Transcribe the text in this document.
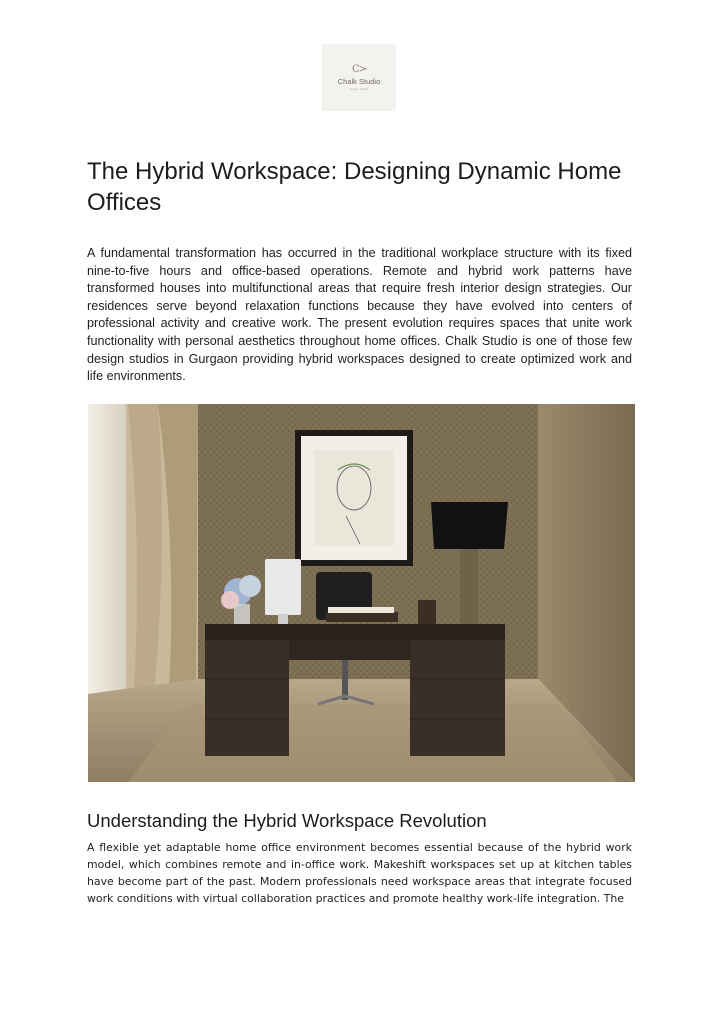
C>
Chalk Studio
design studio
The Hybrid Workspace: Designing Dynamic Home Offices

A fundamental transformation has occurred in the traditional workplace structure with its fixed nine-to-five hours and office-based operations. Remote and hybrid work patterns have transformed houses into multifunctional areas that require fresh interior design strategies. Our residences serve beyond relaxation functions because they have evolved into centers of professional activity and creative work. The present evolution requires spaces that unite work functionality with personal aesthetics throughout home offices. Chalk Studio is one of those few design studios in Gurgaon providing hybrid workspaces designed to create optimized work and life environments.

Understanding the Hybrid Workspace Revolution

A flexible yet adaptable home office environment becomes essential because of the hybrid work model, which combines remote and in-office work. Makeshift workspaces set up at kitchen tables have become part of the past. Modern professionals need workspace areas that integrate focused work conditions with virtual collaboration practices and promote healthy work-life integration. The
